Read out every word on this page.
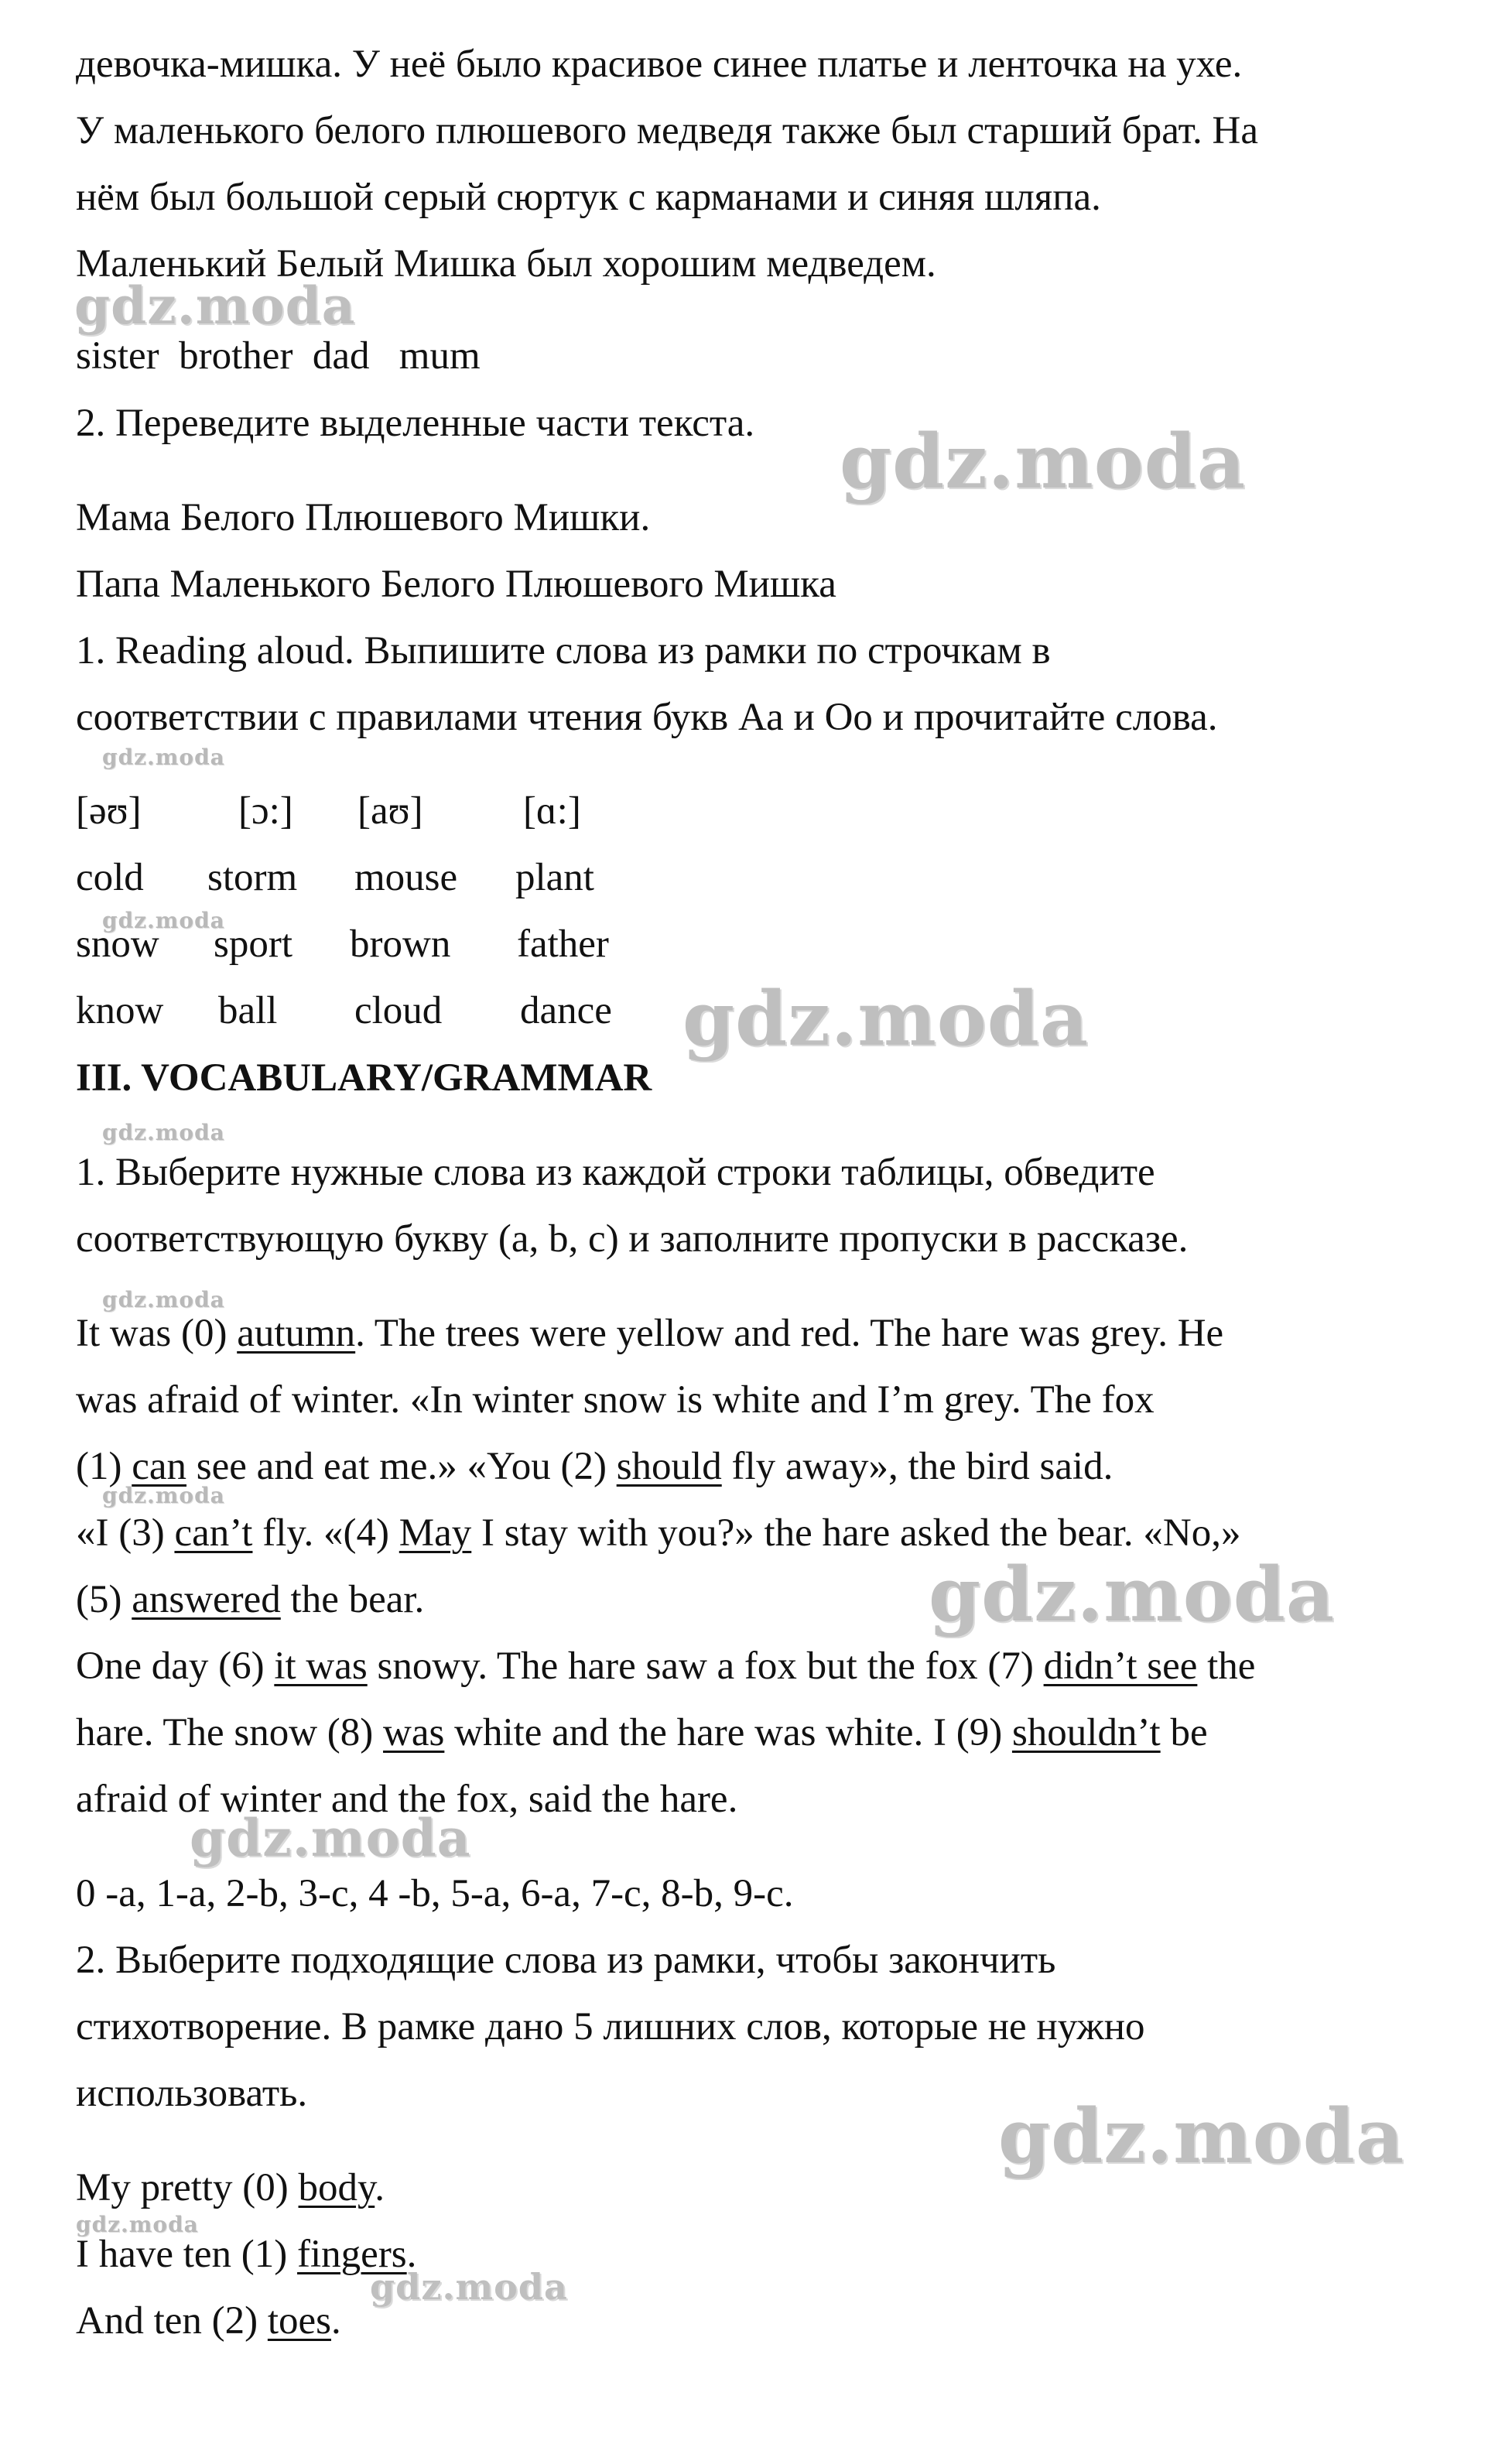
девочка-мишка. У неё было красивое синее платье и ленточка на ухе.

У маленького белого плюшевого медведя также был старший брат. На

нём был большой серый сюртук с карманами и синяя шляпа.

Маленький Белый Мишка был хорошим медведем.

gdz.moda

sister  brother  dad   mum

2. Переведите выделенные части текста. gdz.moda

Мама Белого Плюшевого Мишки.

Папа Маленького Белого Плюшевого Мишка

1. Reading aloud. Выпишите слова из рамки по строчкам в

соответствии с правилами чтения букв Аа и Оо и прочитайте слова.

gdz.moda
[əʊ] [ɔ:] [aʊ]	[ɑ:]
cold storm mouse plant
snow sport brown father
know ball cloud dance
gdz.moda
gdz.moda

III. VOCABULARY/GRAMMAR

gdz.moda

1. Выберите нужные слова из каждой строки таблицы, обведите

соответствующую букву (a, b, c) и заполните пропуски в рассказе.

gdz.moda

It was (0) autumn. The trees were yellow and red. The hare was grey. He

was afraid of winter. «In winter snow is white and I’m grey. The fox

(1) can see and eat me.» «You (2) should fly away», the bird said.

gdz.moda

«I (3) can’t fly. «(4) May I stay with you?» the hare asked the bear. «No,»

(5) answered the bear.	gdz.moda

One day (6) it was snowy. The hare saw a fox but the fox (7) didn’t see the

hare. The snow (8) was white and the hare was white. I (9) shouldn’t be

afraid of winter and the fox, said the hare.

gdz.moda

0 -a, 1-a, 2-b, 3-c, 4 -b, 5-a, 6-a, 7-c, 8-b, 9-c.

2. Выберите подходящие слова из рамки, чтобы закончить

стихотворение. В рамке дано 5 лишних слов, которые не нужно

использовать.	gdz.moda

My pretty (0) body.

gdz.moda

I have ten (1) fingers.

gdz.moda

And ten (2) toes.
